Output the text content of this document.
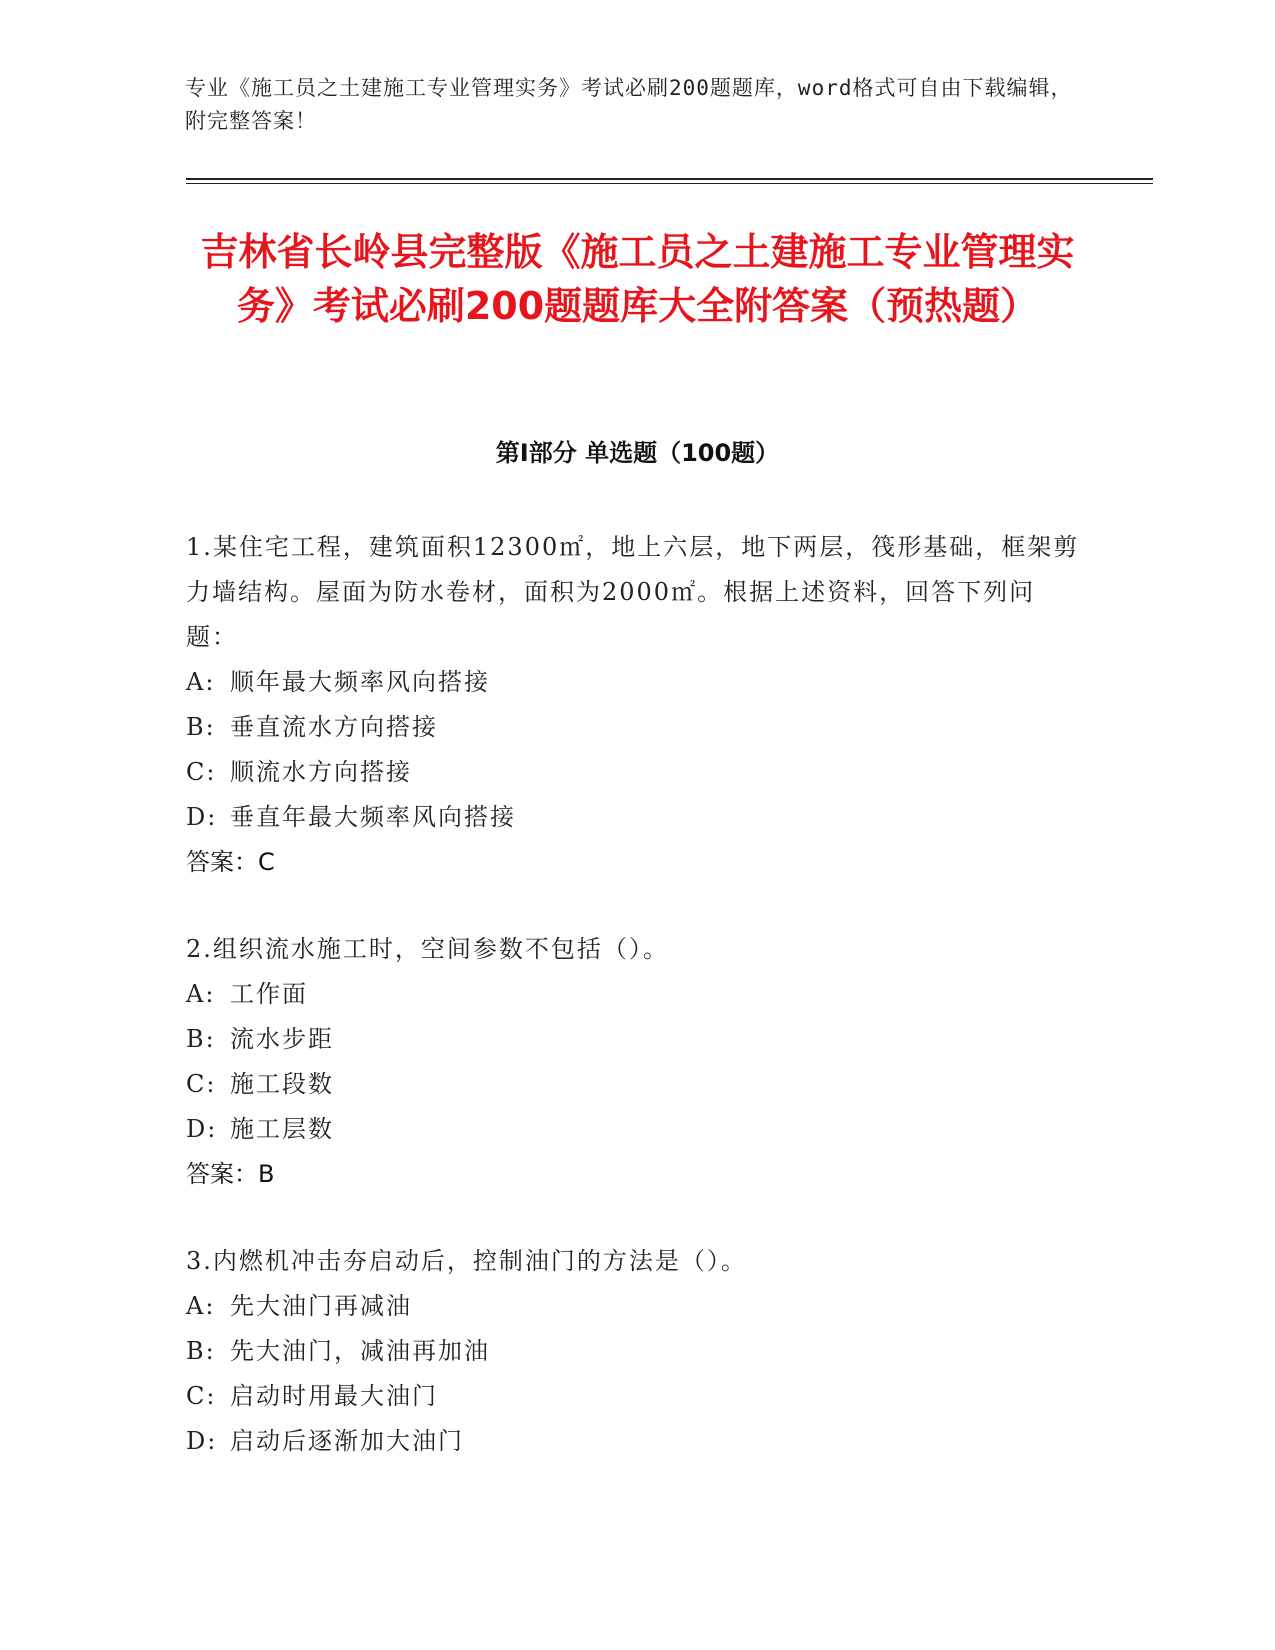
专业《施工员之土建施工专业管理实务》考试必刷200题题库，word格式可自由下载编辑，附完整答案！

吉林省长岭县完整版《施工员之土建施工专业管理实务》考试必刷200题题库大全附答案（预热题）
第Ⅰ部分 单选题（100题）

1.某住宅工程，建筑面积12300㎡，地上六层，地下两层，筏形基础，框架剪力墙结构。屋面为防水卷材，面积为2000㎡。根据上述资料，回答下列问题：

A: 顺年最大频率风向搭接
B: 垂直流水方向搭接
C: 顺流水方向搭接
D: 垂直年最大频率风向搭接

答案：C

2.组织流水施工时，空间参数不包括（）。

A: 工作面
B: 流水步距
C: 施工段数
D: 施工层数

答案：B

3.内燃机冲击夯启动后，控制油门的方法是（）。

A: 先大油门再减油
B: 先大油门，减油再加油
C: 启动时用最大油门
D: 启动后逐渐加大油门
